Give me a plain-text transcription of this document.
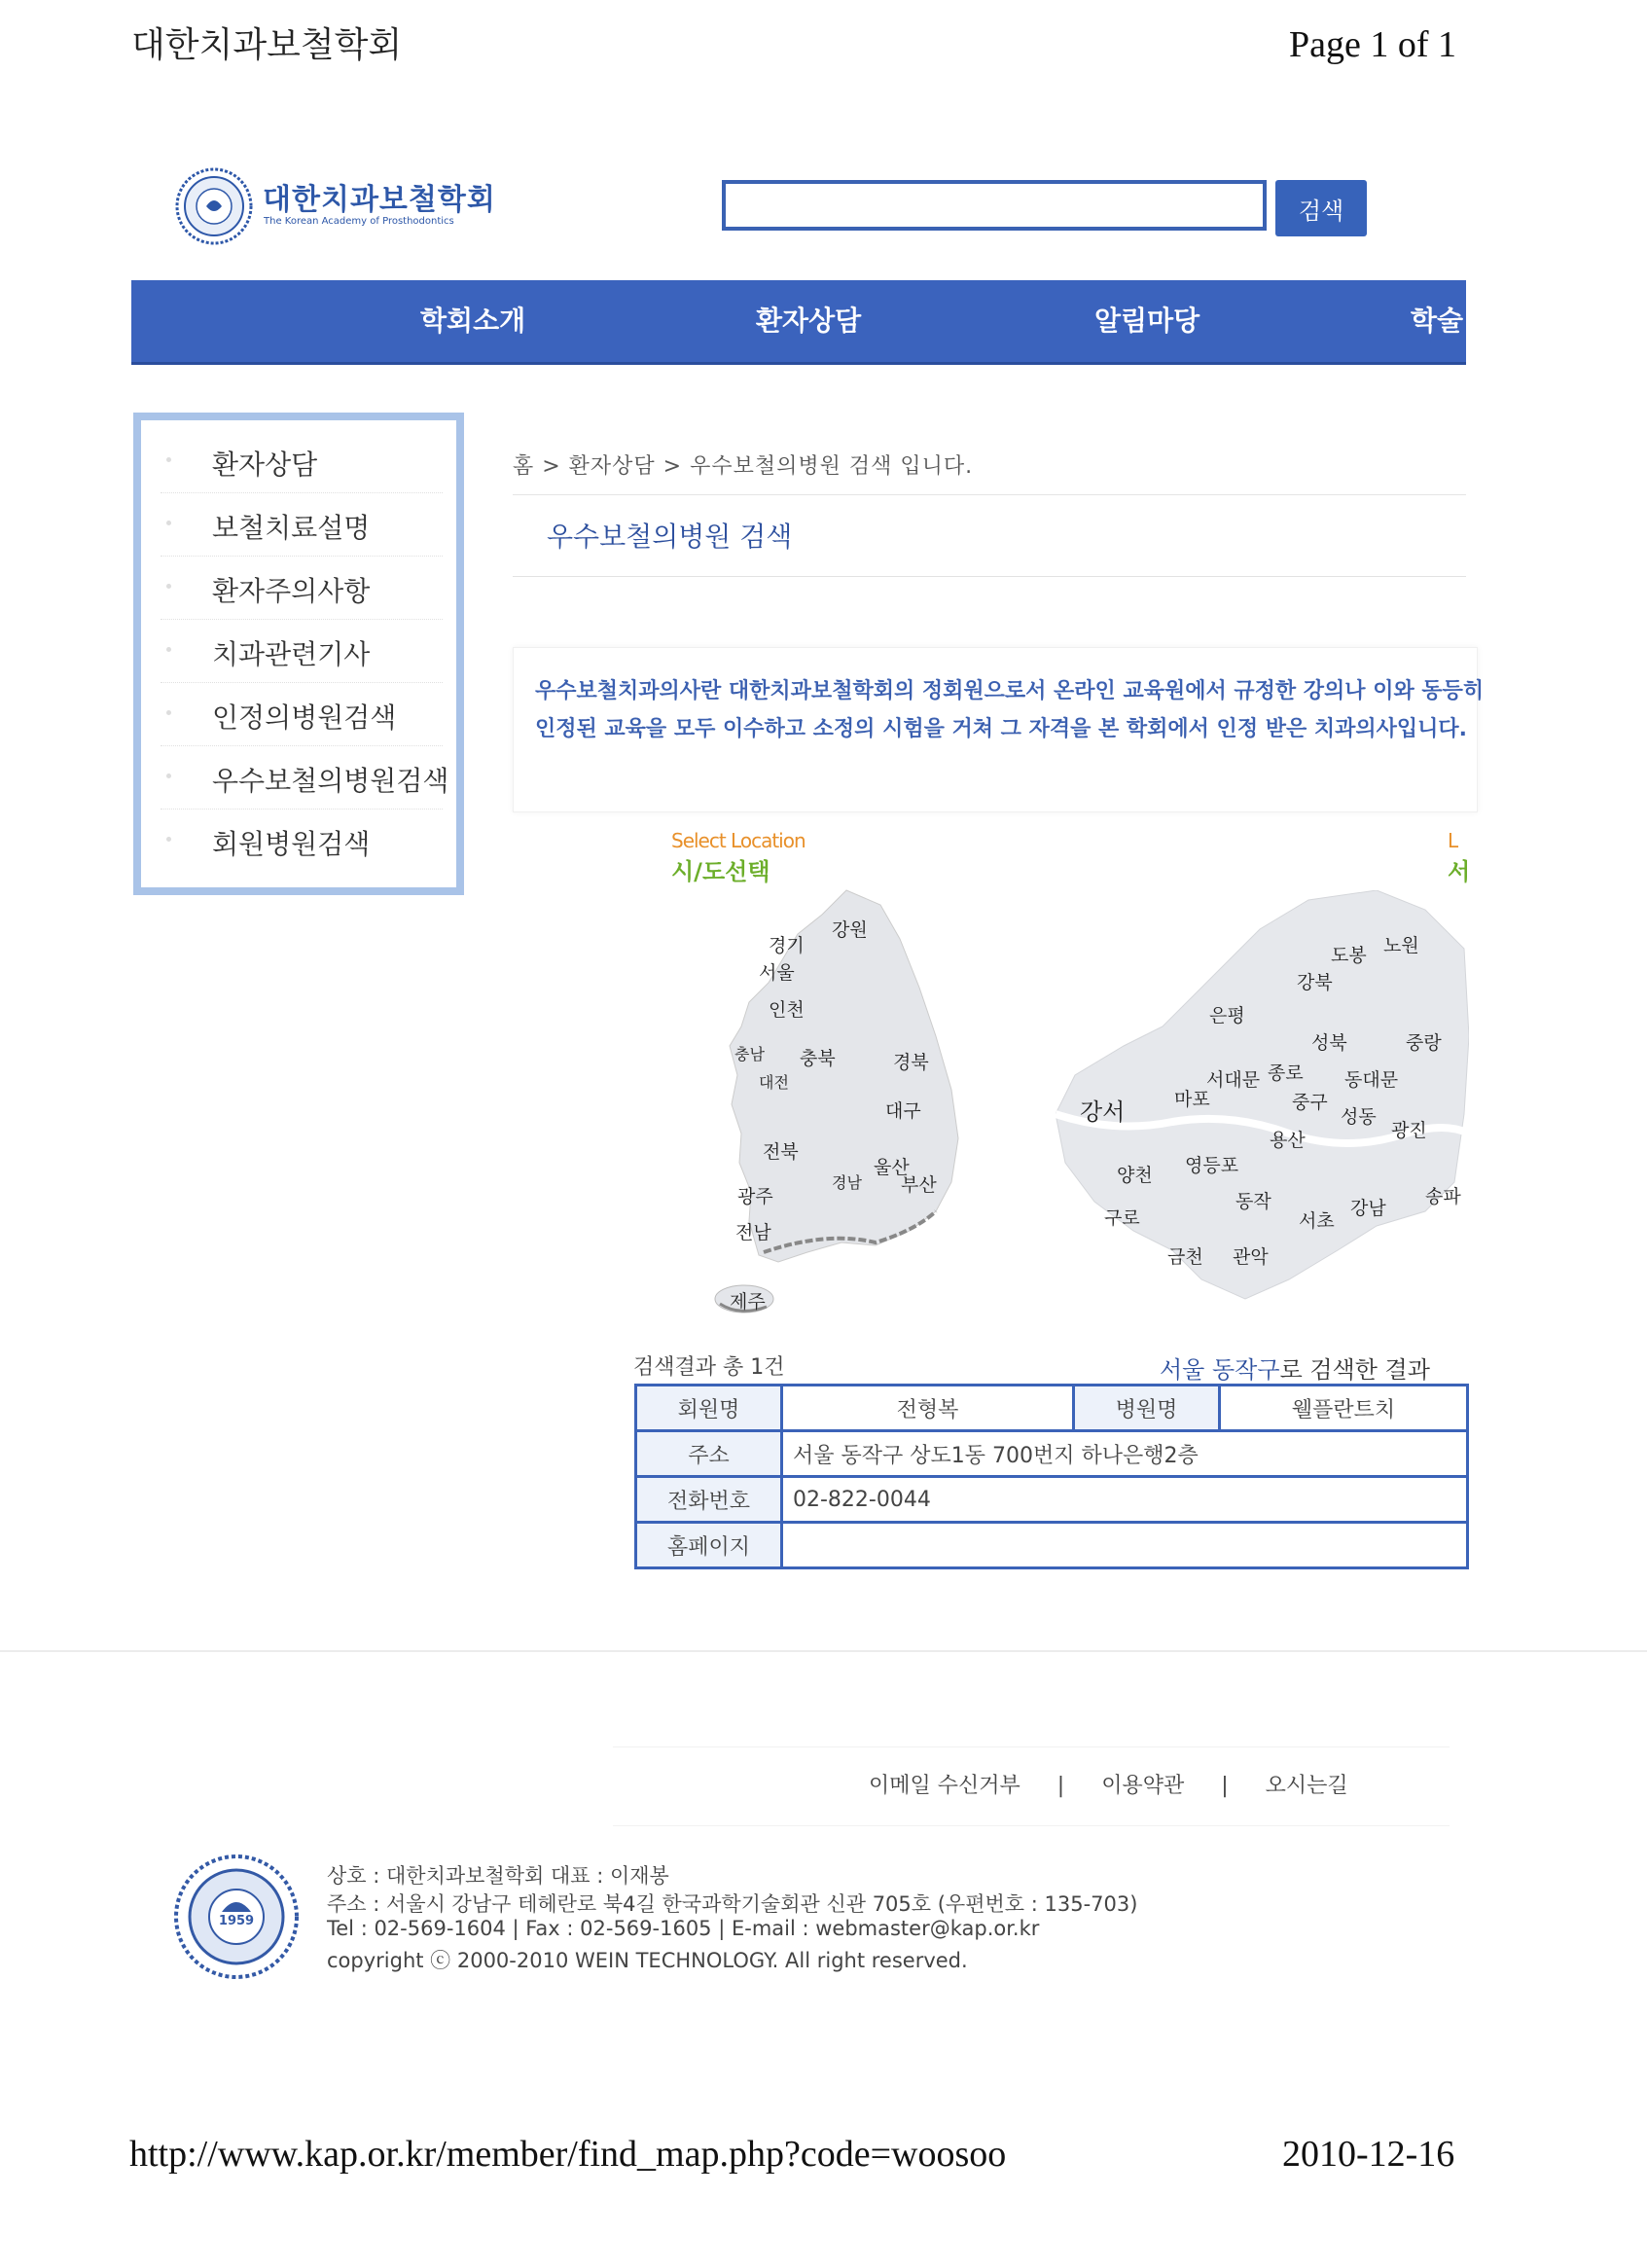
대한치과보철학회	Page 1 of 1
대한치과보철학회
The Korean Academy of Prosthodontics	검색
학회소개	환자상담	알림마당	학술
환자상담
보철치료설명
환자주의사항
치과관련기사
인정의병원검색
우수보철의병원검색
회원병원검색
홈 > 환자상담 > 우수보철의병원 검색 입니다.
우수보철의병원 검색
우수보철치과의사란 대한치과보철학회의 정회원으로서 온라인 교육원에서 규정한 강의나 이와 동등히
인정된 교육을 모두 이수하고 소정의 시험을 거쳐 그 자격을 본 학회에서 인정 받은 치과의사입니다.
Select Location
시/도선택
L
서
강원
경기
서울
인천
충남 충북
대전
경북
대구
전북
울산
경남 부산
광주
전남
제주
도봉 노원
강북
은평
성북	중랑
서대문 종로 동대문
강서	마포	중구
성동
광진
용산
양천 영등포
동작	송파
구로	서초
강남
금천 관악
검색결과 총 1건	서울 동작구로 검색한 결과
회원명	전형복	병원명	웰플란트치
주소	서울 동작구 상도1동 700번지 하나은행2층		
전화번호	02-822-0044		
홈페이지			
이메일 수신거부 | 이용약관 | 오시는길
1959
상호 : 대한치과보철학회 대표 : 이재봉
주소 : 서울시 강남구 테헤란로 북4길 한국과학기술회관 신관 705호 (우편번호 : 135-703)
Tel : 02-569-1604 | Fax : 02-569-1605 | E-mail : webmaster@kap.or.kr
copyright ⓒ 2000-2010 WEIN TECHNOLOGY. All right reserved.
http://www.kap.or.kr/member/find_map.php?code=woosoo	2010-12-16
